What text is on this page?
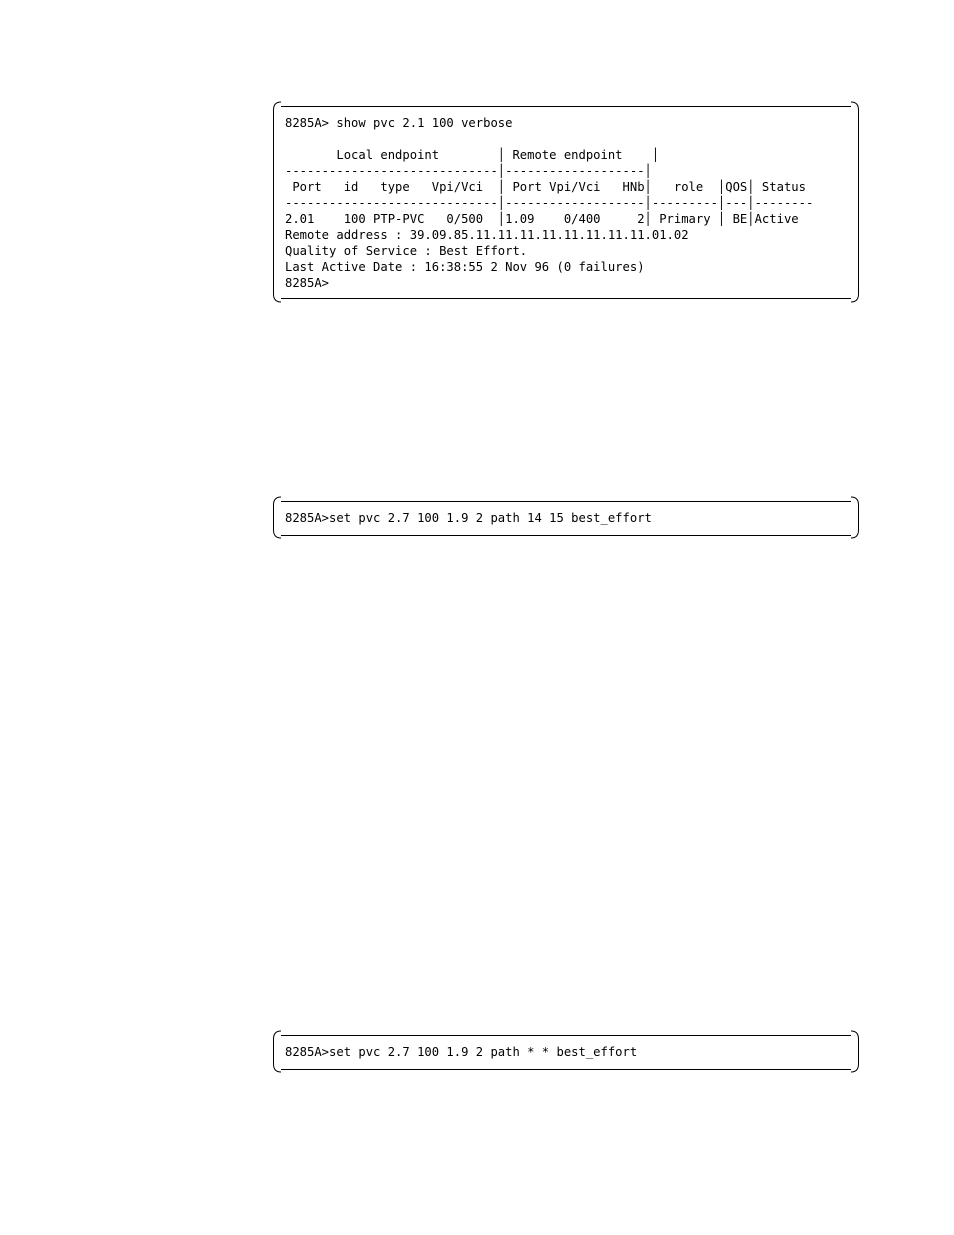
8285A> show pvc 2.1 100 verbose

Local endpoint        │ Remote endpoint    │
-----------------------------│-------------------│
Port   id   type   Vpi/Vci  │ Port Vpi/Vci   HNb│   role  │QOS│ Status
-----------------------------│-------------------│---------│---│--------
2.01    100 PTP-PVC   0/500  │1.09    0/400     2│ Primary │ BE│Active
Remote address : 39.09.85.11.11.11.11.11.11.11.11.01.02
Quality of Service : Best Effort.
Last Active Date : 16:38:55 2 Nov 96 (0 failures)
8285A>
8285A>set pvc 2.7 100 1.9 2 path 14 15 best_effort
8285A>set pvc 2.7 100 1.9 2 path * * best_effort
